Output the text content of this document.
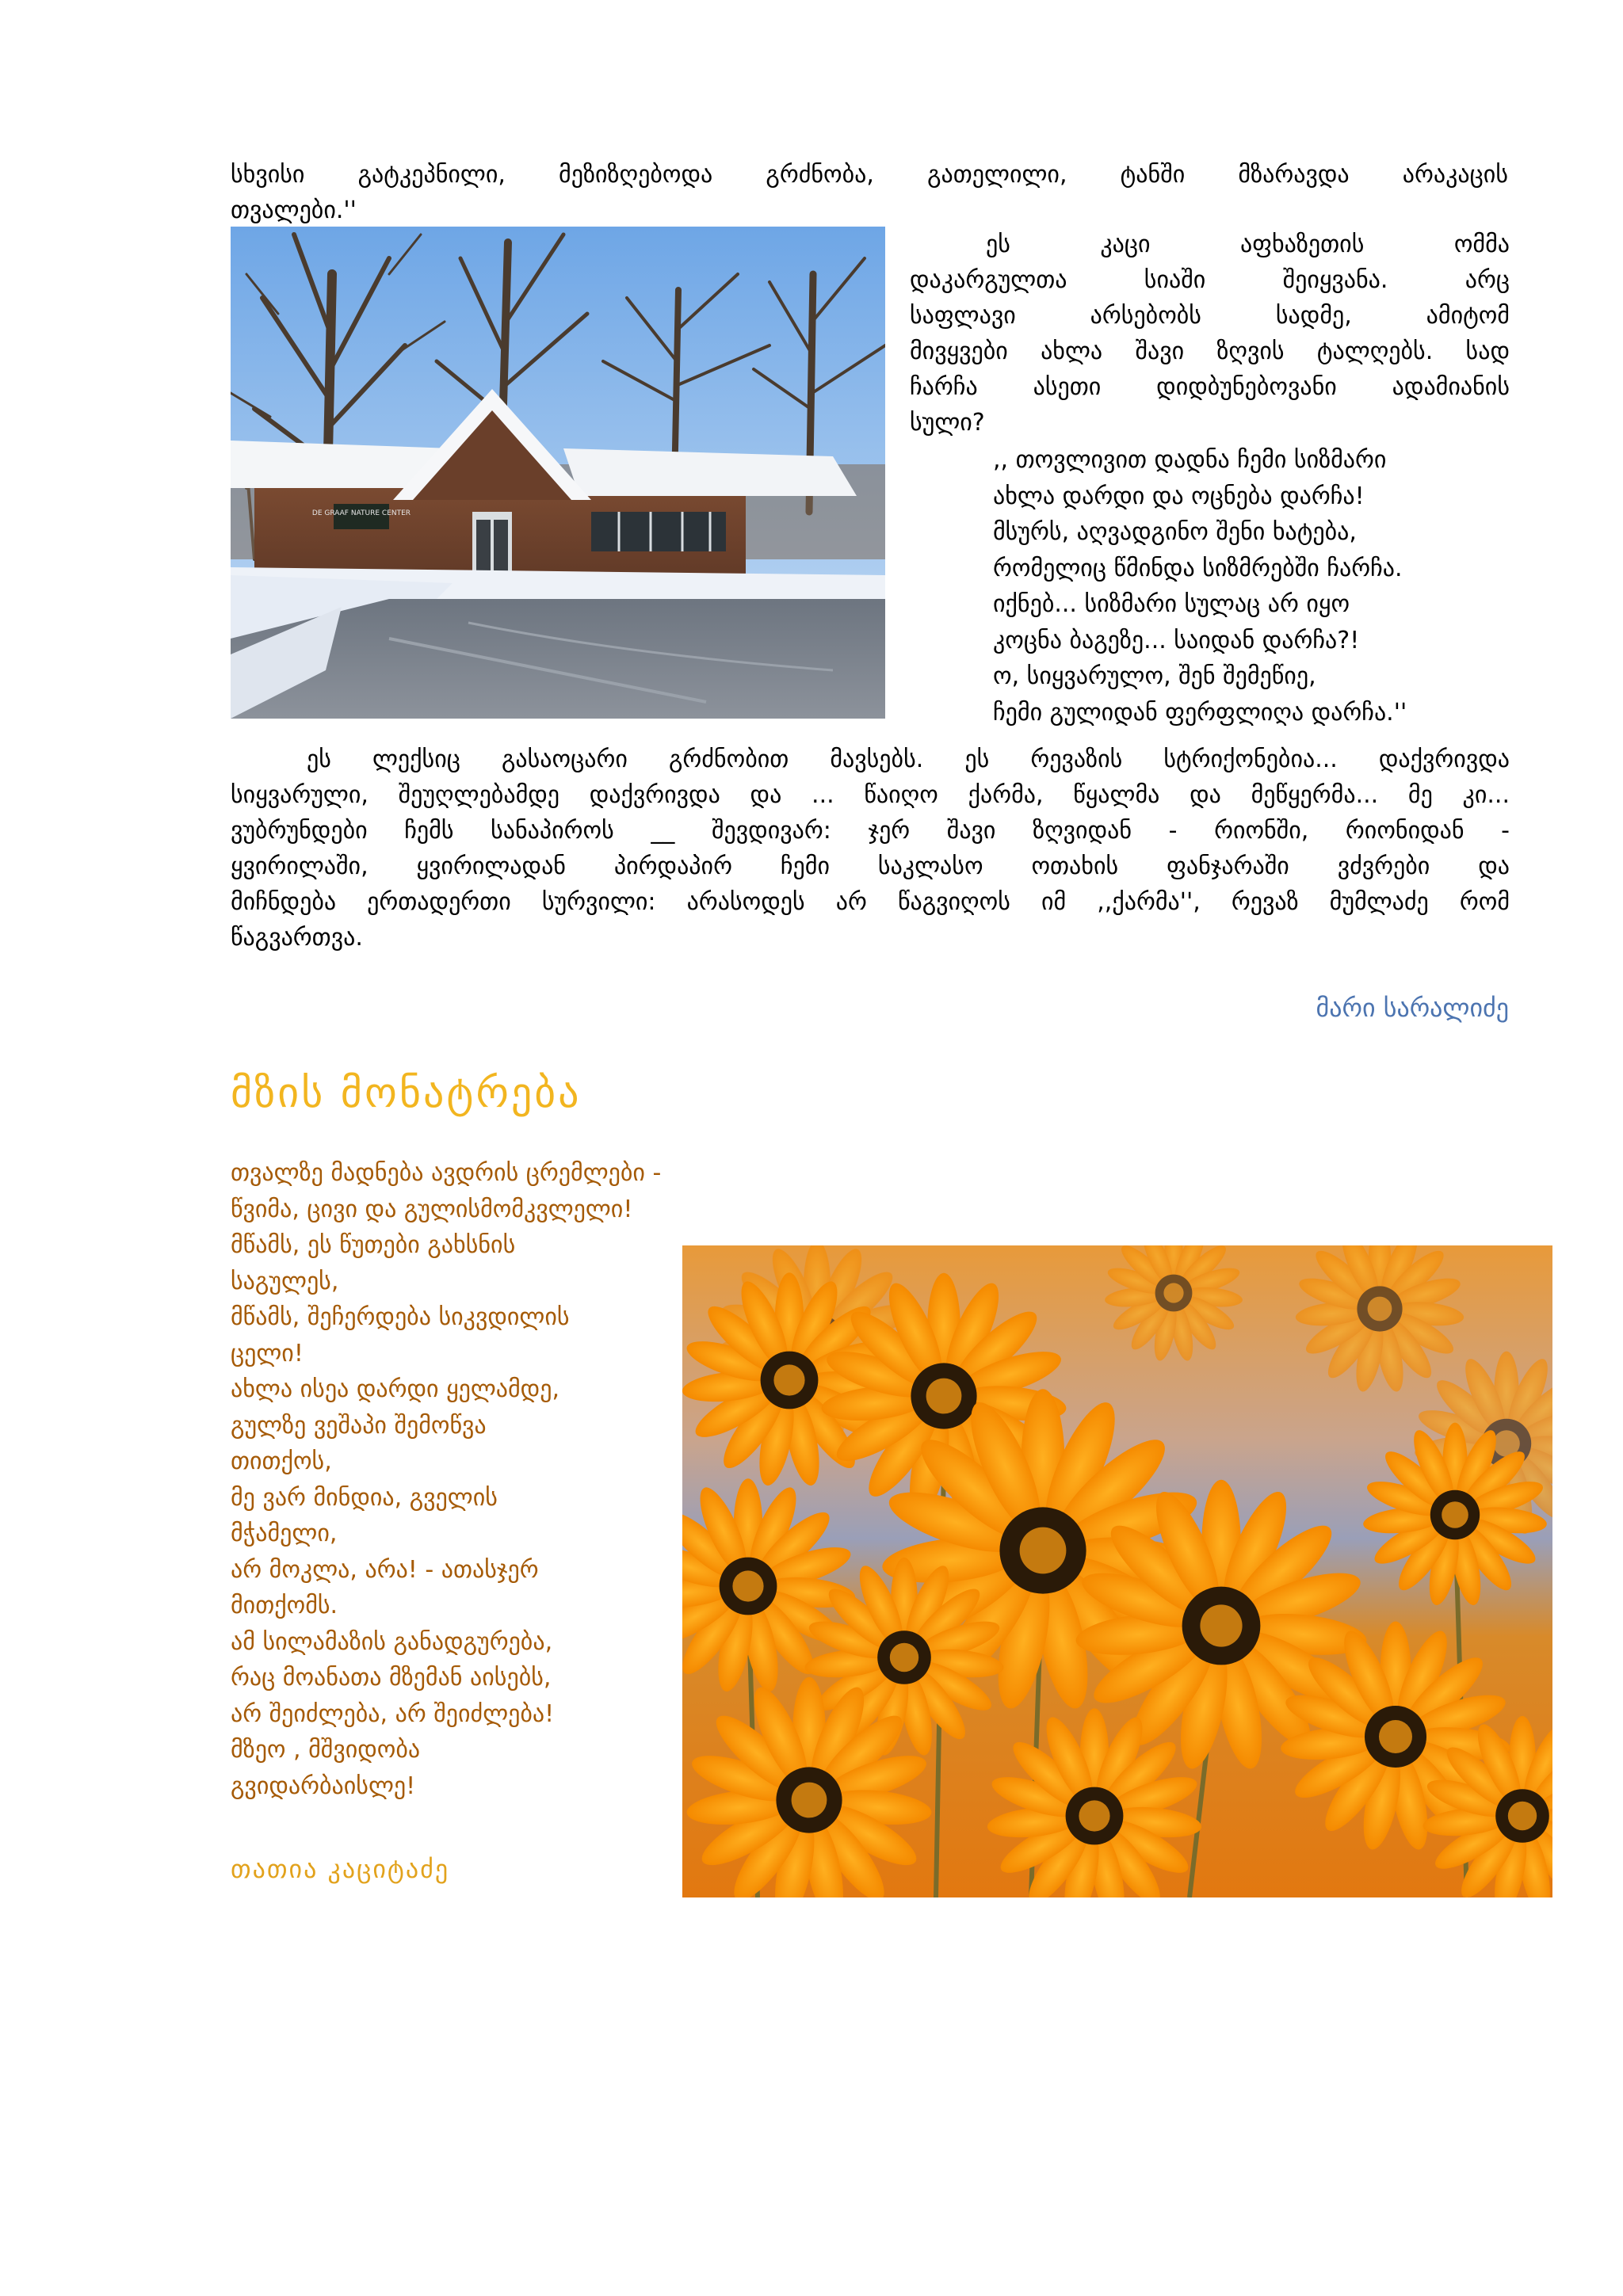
სხვისი გატკეპნილი, მეზიზღებოდა გრძნობა, გათელილი, ტანში მზარავდა არაკაცის

თვალები.''

DE GRAAF NATURE CENTER

ეს კაცი აფხაზეთის ომმა

დაკარგულთა სიაში შეიყვანა. არც

საფლავი არსებობს სადმე, ამიტომ

მივყვები ახლა შავი ზღვის ტალღებს. სად

ჩარჩა ასეთი დიდბუნებოვანი ადამიანის

სული?

,, თოვლივით დადნა ჩემი სიზმარი
ახლა დარდი და ოცნება დარჩა!
მსურს, აღვადგინო შენი ხატება,
რომელიც წმინდა სიზმრებში ჩარჩა.
იქნებ... სიზმარი სულაც არ იყო
კოცნა ბაგეზე... საიდან დარჩა?!
ო, სიყვარულო, შენ შემეწიე,
ჩემი გულიდან ფერფლიღა დარჩა.''

ეს ლექსიც გასაოცარი გრძნობით მავსებს. ეს რევაზის სტრიქონებია... დაქვრივდა

სიყვარული, შეუღლებამდე დაქვრივდა და ... წაიღო ქარმა, წყალმა და მეწყერმა... მე კი...

ვუბრუნდები ჩემს სანაპიროს __ შევდივარ: ჯერ შავი ზღვიდან - რიონში, რიონიდან -

ყვირილაში, ყვირილადან პირდაპირ ჩემი საკლასო ოთახის ფანჯარაში ვძვრები და

მიჩნდება ერთადერთი სურვილი: არასოდეს არ წაგვიღოს იმ ,,ქარმა'', რევაზ მუმლაძე რომ

წაგვართვა.

მარი სარალიძე
მზის მონატრება
თვალზე მადნება ავდრის ცრემლები -
წვიმა, ცივი და გულისმომკვლელი!
მწამს, ეს წუთები გახსნის
საგულეს,
მწამს, შეჩერდება სიკვდილის
ცელი!
ახლა ისეა დარდი ყელამდე,
გულზე ვეშაპი შემოწვა
თითქოს,
მე ვარ მინდია, გველის
მჭამელი,
არ მოკლა, არა! - ათასჯერ
მითქომს.
ამ სილამაზის განადგურება,
რაც მოანათა მზემან აისებს,
არ შეიძლება, არ შეიძლება!
მზეო , მშვიდობა
გვიდარბაისლე!
თათია კაციტაძე
